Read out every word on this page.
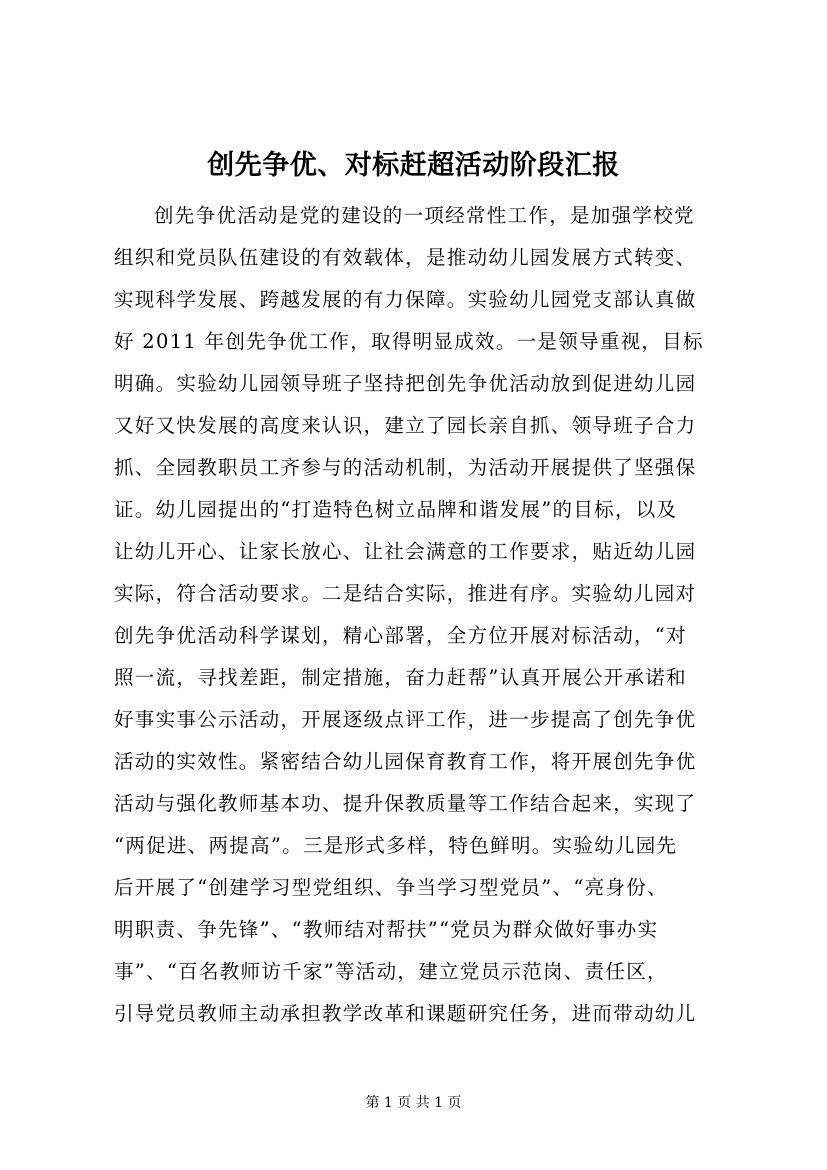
创先争优、对标赶超活动阶段汇报
创先争优活动是党的建设的一项经常性工作，是加强学校党
组织和党员队伍建设的有效载体，是推动幼儿园发展方式转变、
实现科学发展、跨越发展的有力保障。实验幼儿园党支部认真做
好 2011 年创先争优工作，取得明显成效。一是领导重视，目标
明确。实验幼儿园领导班子坚持把创先争优活动放到促进幼儿园
又好又快发展的高度来认识，建立了园长亲自抓、领导班子合力
抓、全园教职员工齐参与的活动机制，为活动开展提供了坚强保
证。幼儿园提出的“打造特色树立品牌和谐发展”的目标，以及
让幼儿开心、让家长放心、让社会满意的工作要求，贴近幼儿园
实际，符合活动要求。二是结合实际，推进有序。实验幼儿园对
创先争优活动科学谋划，精心部署，全方位开展对标活动，“对
照一流，寻找差距，制定措施，奋力赶帮”认真开展公开承诺和
好事实事公示活动，开展逐级点评工作，进一步提高了创先争优
活动的实效性。紧密结合幼儿园保育教育工作，将开展创先争优
活动与强化教师基本功、提升保教质量等工作结合起来，实现了
“两促进、两提高”。三是形式多样，特色鲜明。实验幼儿园先
后开展了“创建学习型党组织、争当学习型党员”、“亮身份、
明职责、争先锋”、“教师结对帮扶”“党员为群众做好事办实
事”、“百名教师访千家”等活动，建立党员示范岗、责任区，
引导党员教师主动承担教学改革和课题研究任务，进而带动幼儿
第 1 页 共 1 页
